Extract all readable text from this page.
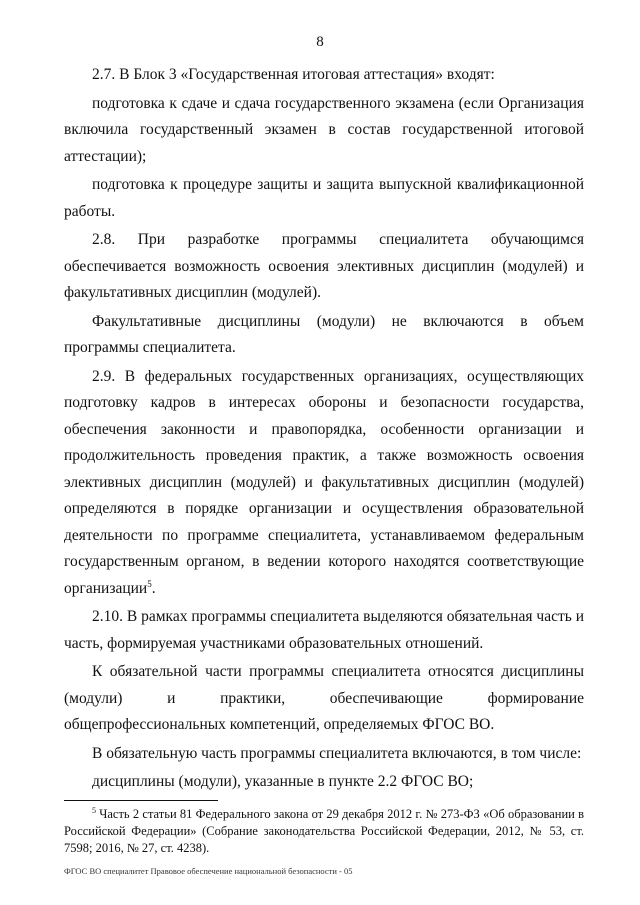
8

2.7. В Блок 3 «Государственная итоговая аттестация» входят:

подготовка к сдаче и сдача государственного экзамена (если Организация включила государственный экзамен в состав государственной итоговой аттестации);

подготовка к процедуре защиты и защита выпускной квалификационной работы.

2.8. При разработке программы специалитета обучающимся обеспечивается возможность освоения элективных дисциплин (модулей) и факультативных дисциплин (модулей).

Факультативные дисциплины (модули) не включаются в объем программы специалитета.

2.9. В федеральных государственных организациях, осуществляющих подготовку кадров в интересах обороны и безопасности государства, обеспечения законности и правопорядка, особенности организации и продолжительность проведения практик, а также возможность освоения элективных дисциплин (модулей) и факультативных дисциплин (модулей) определяются в порядке организации и осуществления образовательной деятельности по программе специалитета, устанавливаемом федеральным государственным органом, в ведении которого находятся соответствующие организации$^5$.

2.10. В рамках программы специалитета выделяются обязательная часть и часть, формируемая участниками образовательных отношений.

К обязательной части программы специалитета относятся дисциплины (модули) и практики, обеспечивающие формирование общепрофессиональных компетенций, определяемых ФГОС ВО.

В обязательную часть программы специалитета включаются, в том числе:

дисциплины (модули), указанные в пункте 2.2 ФГОС ВО;

$^5$ Часть 2 статьи 81 Федерального закона от 29 декабря 2012 г. № 273-ФЗ «Об образовании в Российской Федерации» (Собрание законодательства Российской Федерации, 2012, № 53, ст. 7598; 2016, № 27, ст. 4238).

ФГОС ВО специалитет Правовое обеспечение национальной безопасности - 05
